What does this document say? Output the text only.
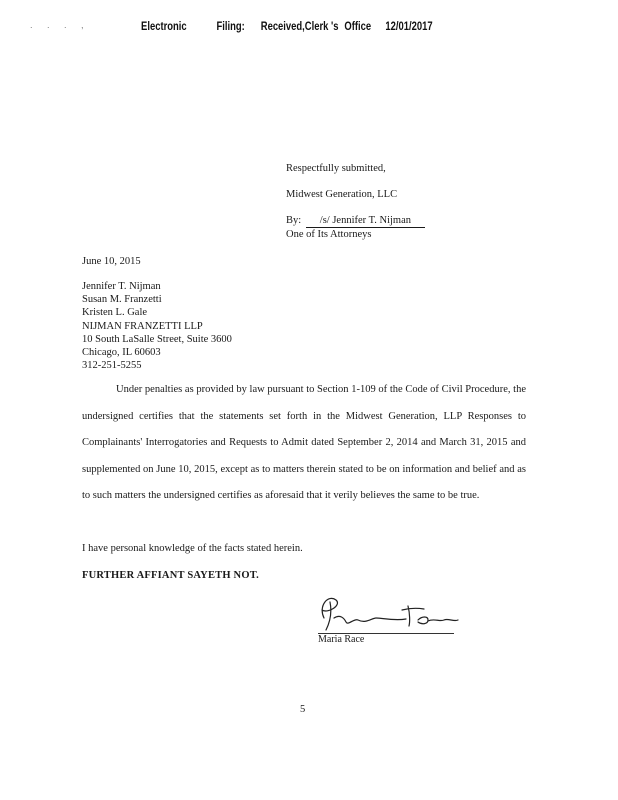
. . . ,	Electronic	Filing: Received,Clerk 's Office 12/01/2017
Respectfully submitted,
Midwest Generation, LLC
By: /s/ Jennifer T. Nijman
One of Its Attorneys
June 10, 2015
Jennifer T. Nijman
Susan M. Franzetti
Kristen L. Gale
NIJMAN FRANZETTI LLP
10 South LaSalle Street, Suite 3600
Chicago, IL 60603
312-251-5255
Under penalties as provided by law pursuant to Section 1-109 of the Code of Civil Procedure, the undersigned certifies that the statements set forth in the Midwest Generation, LLP Responses to Complainants' Interrogatories and Requests to Admit dated September 2, 2014 and March 31, 2015 and supplemented on June 10, 2015, except as to matters therein stated to be on information and belief and as to such matters the undersigned certifies as aforesaid that it verily believes the same to be true.
I have personal knowledge of the facts stated herein.
FURTHER AFFIANT SAYETH NOT.
Maria Race
5
